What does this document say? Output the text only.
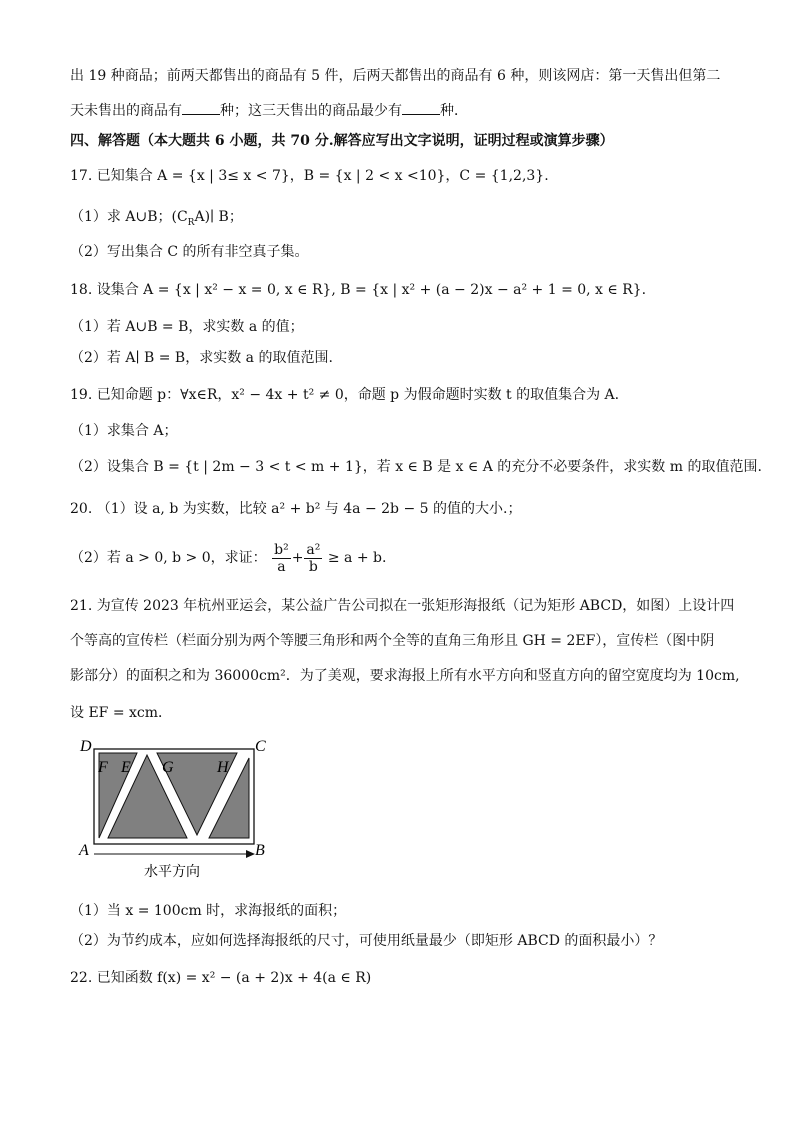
出 19 种商品；前两天都售出的商品有 5 件，后两天都售出的商品有 6 种，则该网店：第一天售出但第二
天未售出的商品有	种；这三天售出的商品最少有	种．
四、解答题（本大题共 6 小题，共 70 分.解答应写出文字说明，证明过程或演算步骤）
17. 已知集合 A = {x | 3≤ x < 7}，B = {x | 2 < x <10}，C = {1,2,3}.
（1）求 A∪B；$(C_RA)∣$ B；
（2）写出集合 C 的所有非空真子集。
18. 设集合 A = {x | x² − x = 0, x ∈ R}, B = {x | x² + (a − 2)x − a² + 1 = 0, x ∈ R}.
（1）若 A∪B = B，求实数 a 的值；
（2）若 A∣ B = B，求实数 a 的取值范围.
19. 已知命题 p：∀x∈R，x² − 4x + t² ≠ 0，命题 p 为假命题时实数 t 的取值集合为 A.
（1）求集合 A；
（2）设集合 B = {t | 2m − 3 < t < m + 1}，若 x ∈ B 是 x ∈ A 的充分不必要条件，求实数 m 的取值范围.
20. （1）设 a, b 为实数，比较 a² + b² 与 4a − 2b − 5 的值的大小.；
（2）若 a > 0, b > 0，求证： $\frac{\text{b²}}{a} + \frac{\text{a²}}{b} \ge a + b$.
21. 为宣传 2023 年杭州亚运会，某公益广告公司拟在一张矩形海报纸（记为矩形 ABCD，如图）上设计四
个等高的宣传栏（栏面分别为两个等腰三角形和两个全等的直角三角形且 GH = 2EF），宣传栏（图中阴
影部分）的面积之和为 36000cm²．为了美观，要求海报上所有水平方向和竖直方向的留空宽度均为 10cm,
设 EF = xcm．
D	C
A	B
F E G	H
水平方向
（1）当 x = 100cm 时，求海报纸的面积；
（2）为节约成本，应如何选择海报纸的尺寸，可使用纸量最少（即矩形 ABCD 的面积最小）？
22. 已知函数 f(x) = x² − (a + 2)x + 4(a ∈ R)
